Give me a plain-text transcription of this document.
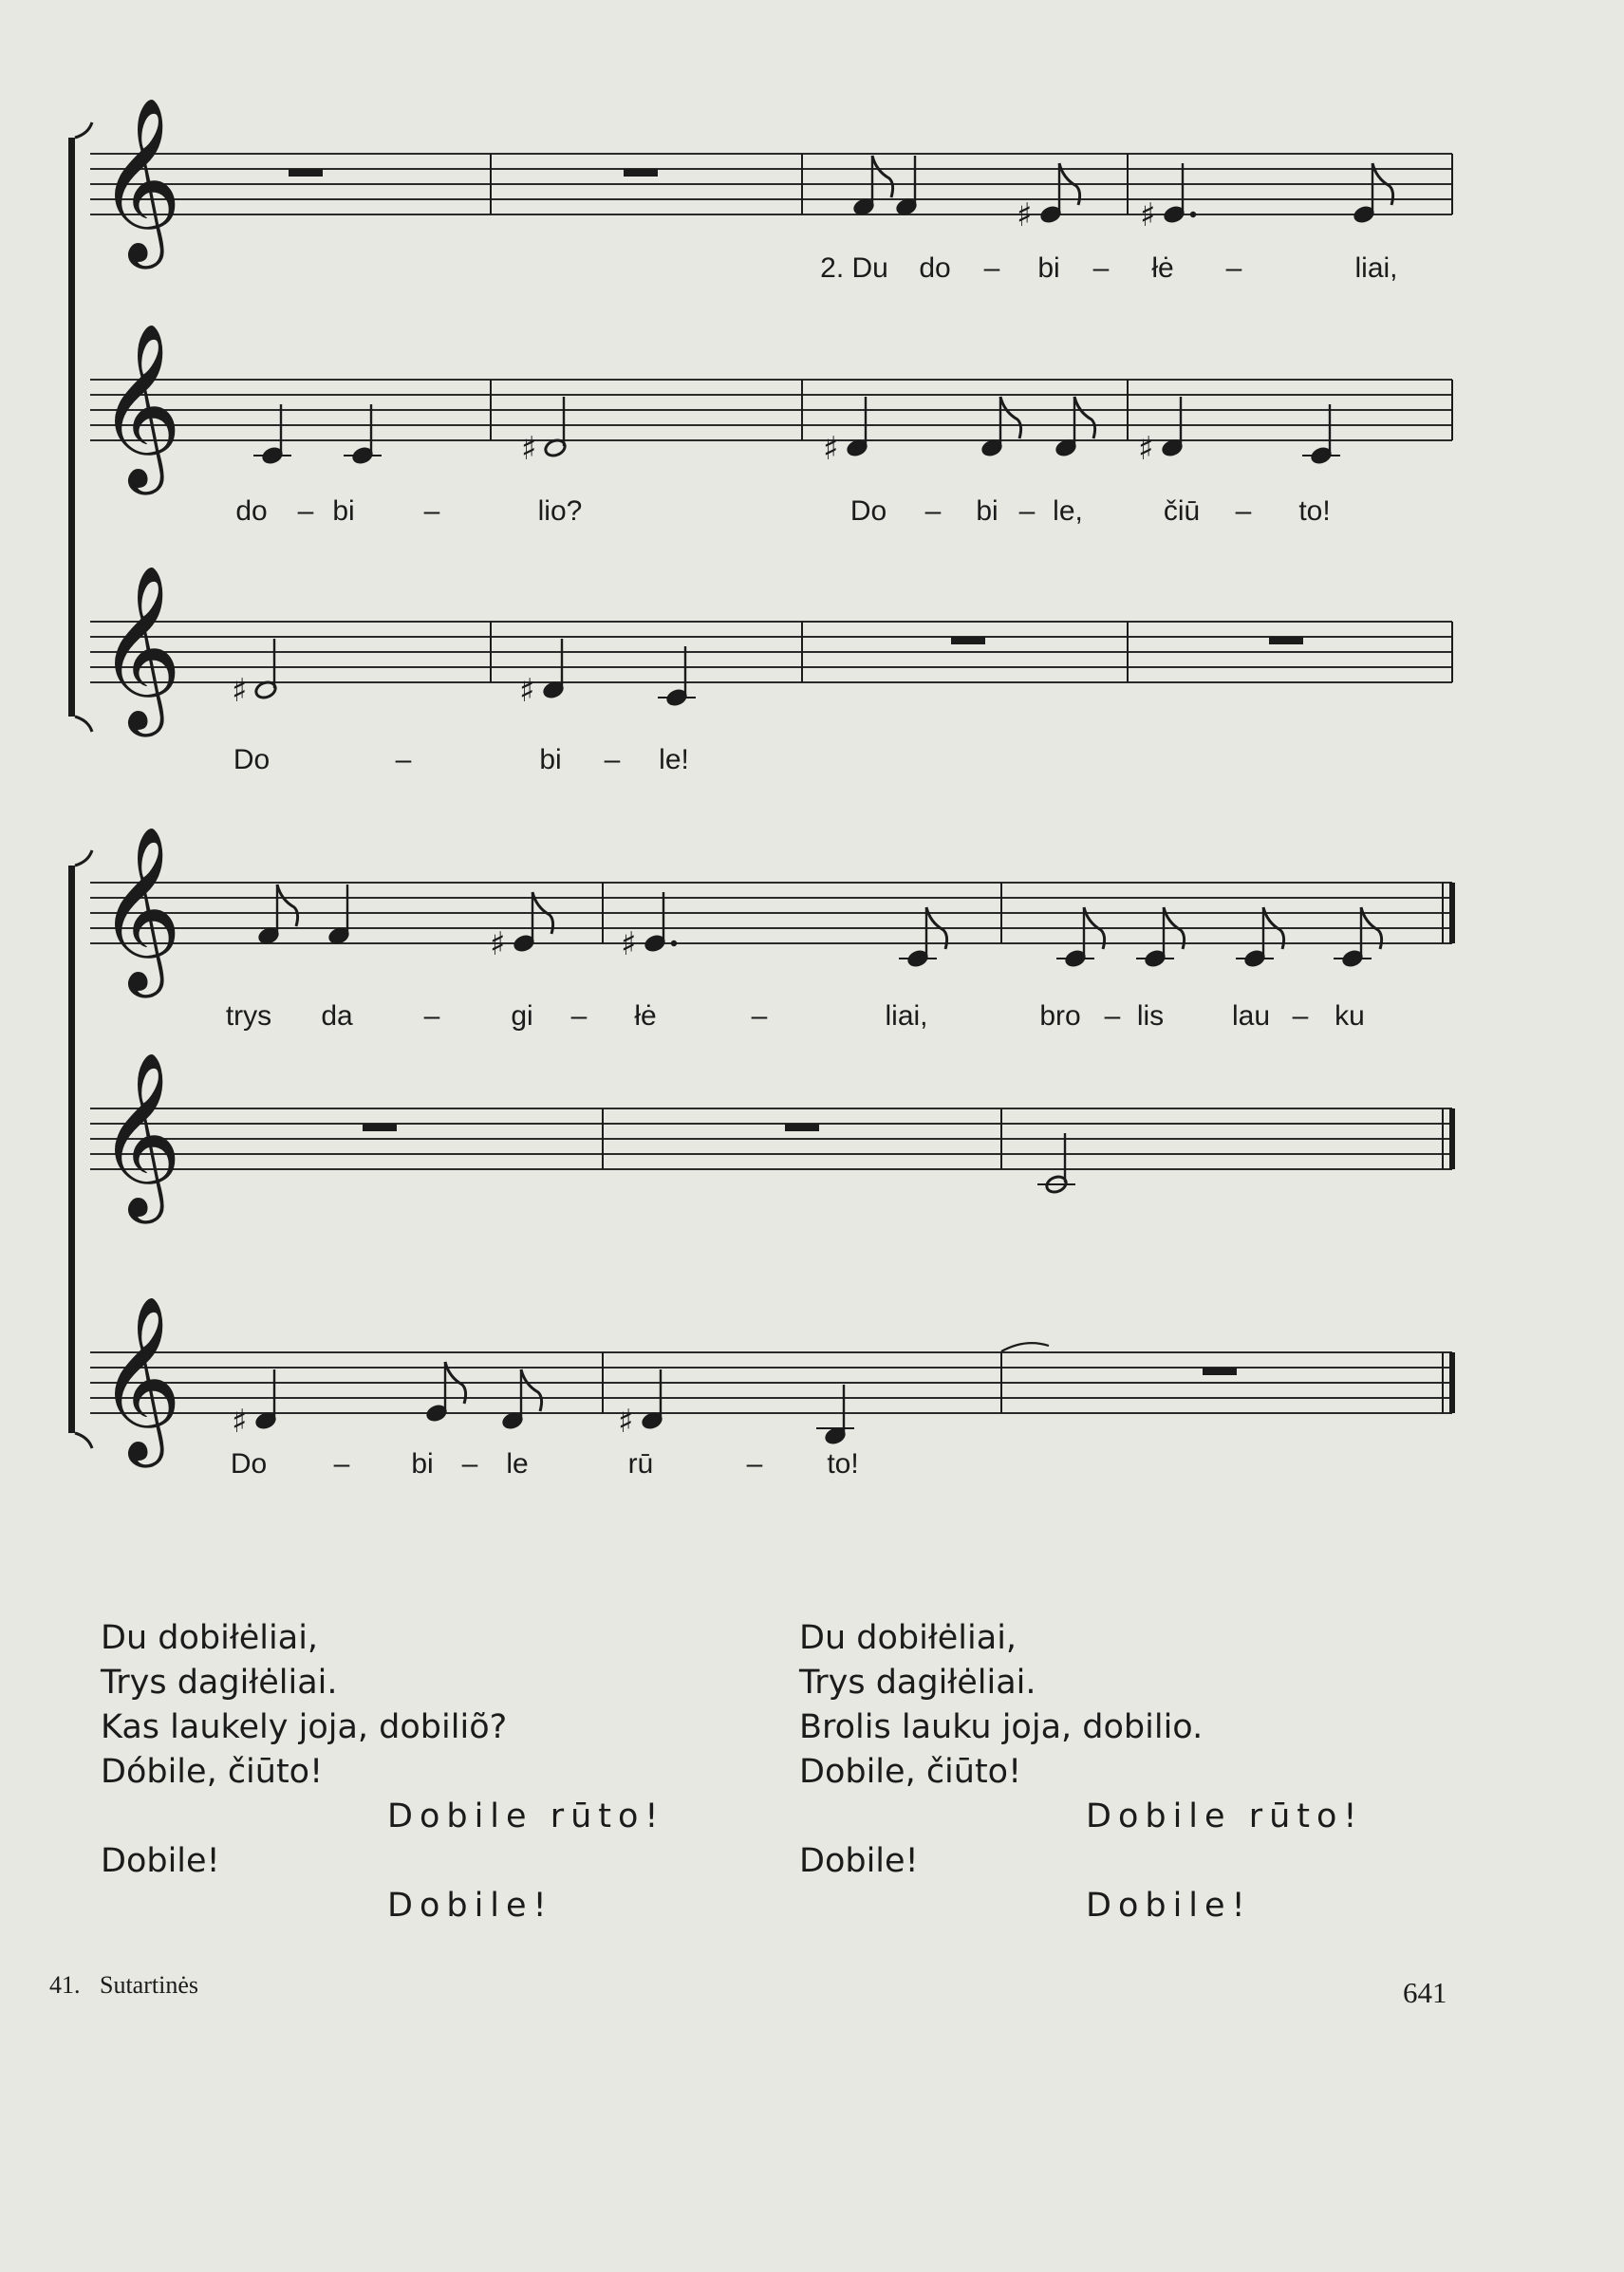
𝄞	♯	♯
2. Du do – bi – łė –	liai,
𝄞	♯	♯	♯
do – bi –	lio?	Do – bi – le,	čiū – to!
𝄞 ♯	♯
Do	–	bi – le!
𝄞	♯	♯
trys da – gi – łė	–	liai,	bro – lis lau – ku
𝄞
𝄞 ♯	♯
Do – bi – le	rū	– to!
Du dobiłėliai,
Trys dagiłėliai.
Kas laukely joja, dobiliõ?
Dóbile, čiūto!
Dobile rūto!
Dobile!
Dobile!
Du dobiłėliai,
Trys dagiłėliai.
Brolis lauku joja, dobilio.
Dobile, čiūto!
Dobile rūto!
Dobile!
Dobile!
41. Sutartinės	641
